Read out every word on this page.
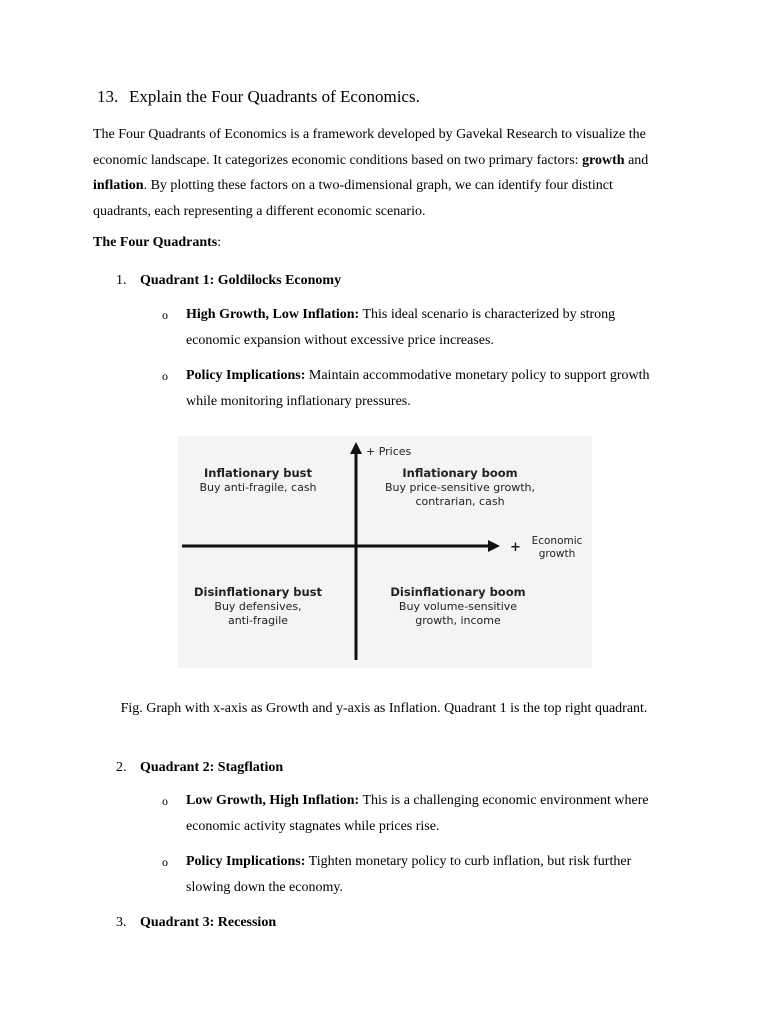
13. Explain the Four Quadrants of Economics.
The Four Quadrants of Economics is a framework developed by Gavekal Research to visualize the economic landscape. It categorizes economic conditions based on two primary factors: growth and inflation. By plotting these factors on a two-dimensional graph, we can identify four distinct quadrants, each representing a different economic scenario.
The Four Quadrants:
1. Quadrant 1: Goldilocks Economy
o High Growth, Low Inflation: This ideal scenario is characterized by strong economic expansion without excessive price increases.
o Policy Implications: Maintain accommodative monetary policy to support growth while monitoring inflationary pressures.
+ Prices
+ Economic
growth
Inflationary bust
Buy anti-fragile, cash
Inflationary boom
Buy price-sensitive growth,
contrarian, cash
Disinflationary bust
Buy defensives,
anti-fragile
Disinflationary boom
Buy volume-sensitive
growth, income
Fig. Graph with x-axis as Growth and y-axis as Inflation. Quadrant 1 is the top right quadrant.
2. Quadrant 2: Stagflation
o Low Growth, High Inflation: This is a challenging economic environment where economic activity stagnates while prices rise.
o Policy Implications: Tighten monetary policy to curb inflation, but risk further slowing down the economy.
3. Quadrant 3: Recession
